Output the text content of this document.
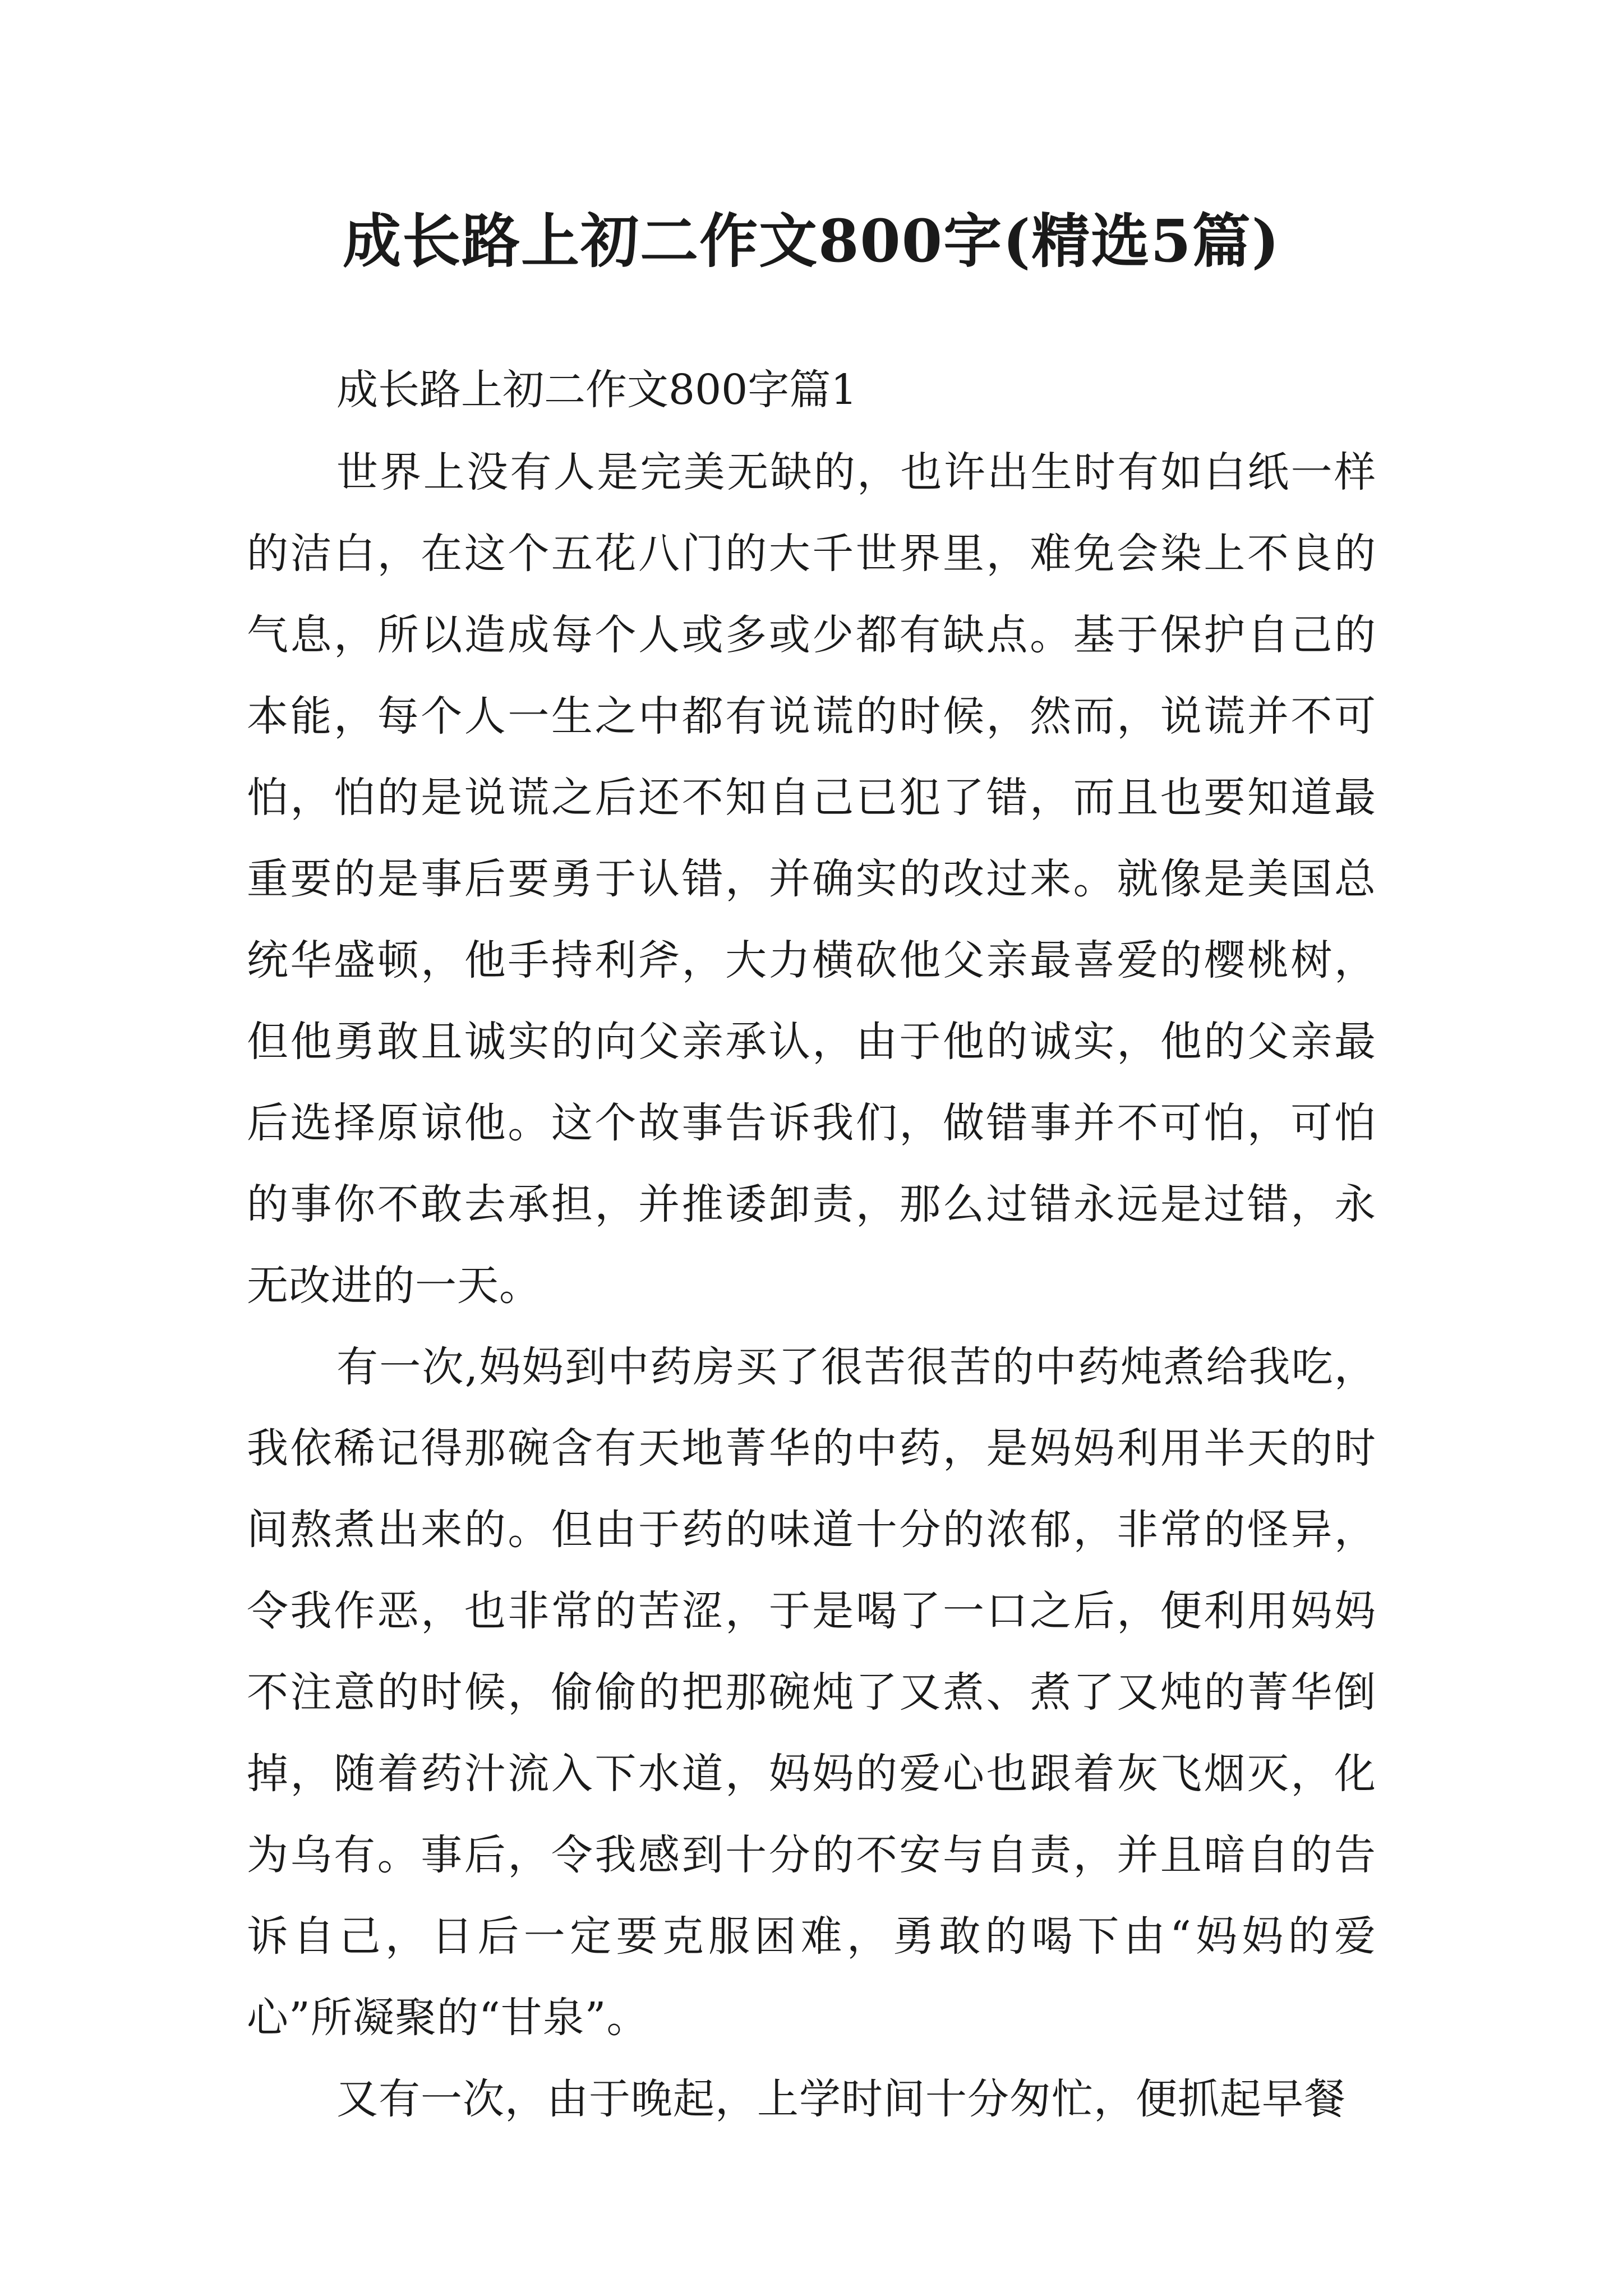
成长路上初二作文800字(精选5篇)
成长路上初二作文800字篇1

世界上没有人是完美无缺的，也许出生时有如白纸一样的洁白，在这个五花八门的大千世界里，难免会染上不良的气息，所以造成每个人或多或少都有缺点。基于保护自己的本能，每个人一生之中都有说谎的时候，然而，说谎并不可怕，怕的是说谎之后还不知自己已犯了错，而且也要知道最重要的是事后要勇于认错，并确实的改过来。就像是美国总统华盛顿，他手持利斧，大力横砍他父亲最喜爱的樱桃树，但他勇敢且诚实的向父亲承认，由于他的诚实，他的父亲最后选择原谅他。这个故事告诉我们，做错事并不可怕，可怕的事你不敢去承担，并推诿卸责，那么过错永远是过错，永无改进的一天。

有一次,妈妈到中药房买了很苦很苦的中药炖煮给我吃，我依稀记得那碗含有天地菁华的中药，是妈妈利用半天的时间熬煮出来的。但由于药的味道十分的浓郁，非常的怪异，令我作恶，也非常的苦涩，于是喝了一口之后，便利用妈妈不注意的时候，偷偷的把那碗炖了又煮、煮了又炖的菁华倒掉，随着药汁流入下水道，妈妈的爱心也跟着灰飞烟灭，化为乌有。事后，令我感到十分的不安与自责，并且暗自的告诉自己，日后一定要克服困难，勇敢的喝下由“妈妈的爱心”所凝聚的“甘泉”。

又有一次，由于晚起，上学时间十分匆忙，便抓起早餐
